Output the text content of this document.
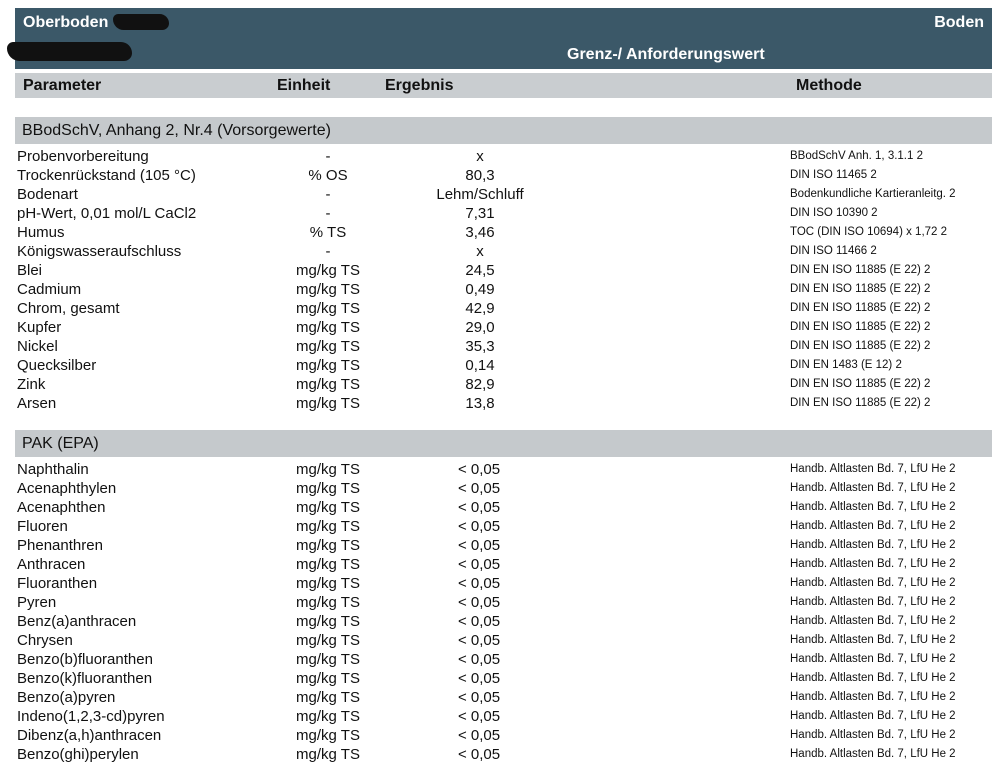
Oberboden	Boden
Grenz-/ Anforderungswert
Parameter	Einheit	Ergebnis	Methode
BBodSchV, Anhang 2, Nr.4 (Vorsorgewerte)
Probenvorbereitung	-	x	BBodSchV Anh. 1, 3.1.1 2
Trockenrückstand (105 °C)	% OS	80,3	DIN ISO 11465 2
Bodenart	-	Lehm/Schluff	Bodenkundliche Kartieranleitg. 2
pH-Wert, 0,01 mol/L CaCl2	-	7,31	DIN ISO 10390 2
Humus	% TS	3,46	TOC (DIN ISO 10694) x 1,72 2
Königswasseraufschluss	-	x	DIN ISO 11466 2
Blei	mg/kg TS	24,5	DIN EN ISO 11885 (E 22) 2
Cadmium	mg/kg TS	0,49	DIN EN ISO 11885 (E 22) 2
Chrom, gesamt	mg/kg TS	42,9	DIN EN ISO 11885 (E 22) 2
Kupfer	mg/kg TS	29,0	DIN EN ISO 11885 (E 22) 2
Nickel	mg/kg TS	35,3	DIN EN ISO 11885 (E 22) 2
Quecksilber	mg/kg TS	0,14	DIN EN 1483 (E 12) 2
Zink	mg/kg TS	82,9	DIN EN ISO 11885 (E 22) 2
Arsen	mg/kg TS	13,8	DIN EN ISO 11885 (E 22) 2
PAK (EPA)
Naphthalin	mg/kg TS	< 0,05	Handb. Altlasten Bd. 7, LfU He 2
Acenaphthylen	mg/kg TS	< 0,05	Handb. Altlasten Bd. 7, LfU He 2
Acenaphthen	mg/kg TS	< 0,05	Handb. Altlasten Bd. 7, LfU He 2
Fluoren	mg/kg TS	< 0,05	Handb. Altlasten Bd. 7, LfU He 2
Phenanthren	mg/kg TS	< 0,05	Handb. Altlasten Bd. 7, LfU He 2
Anthracen	mg/kg TS	< 0,05	Handb. Altlasten Bd. 7, LfU He 2
Fluoranthen	mg/kg TS	< 0,05	Handb. Altlasten Bd. 7, LfU He 2
Pyren	mg/kg TS	< 0,05	Handb. Altlasten Bd. 7, LfU He 2
Benz(a)anthracen	mg/kg TS	< 0,05	Handb. Altlasten Bd. 7, LfU He 2
Chrysen	mg/kg TS	< 0,05	Handb. Altlasten Bd. 7, LfU He 2
Benzo(b)fluoranthen	mg/kg TS	< 0,05	Handb. Altlasten Bd. 7, LfU He 2
Benzo(k)fluoranthen	mg/kg TS	< 0,05	Handb. Altlasten Bd. 7, LfU He 2
Benzo(a)pyren	mg/kg TS	< 0,05	Handb. Altlasten Bd. 7, LfU He 2
Indeno(1,2,3-cd)pyren	mg/kg TS	< 0,05	Handb. Altlasten Bd. 7, LfU He 2
Dibenz(a,h)anthracen	mg/kg TS	< 0,05	Handb. Altlasten Bd. 7, LfU He 2
Benzo(ghi)perylen	mg/kg TS	< 0,05	Handb. Altlasten Bd. 7, LfU He 2
